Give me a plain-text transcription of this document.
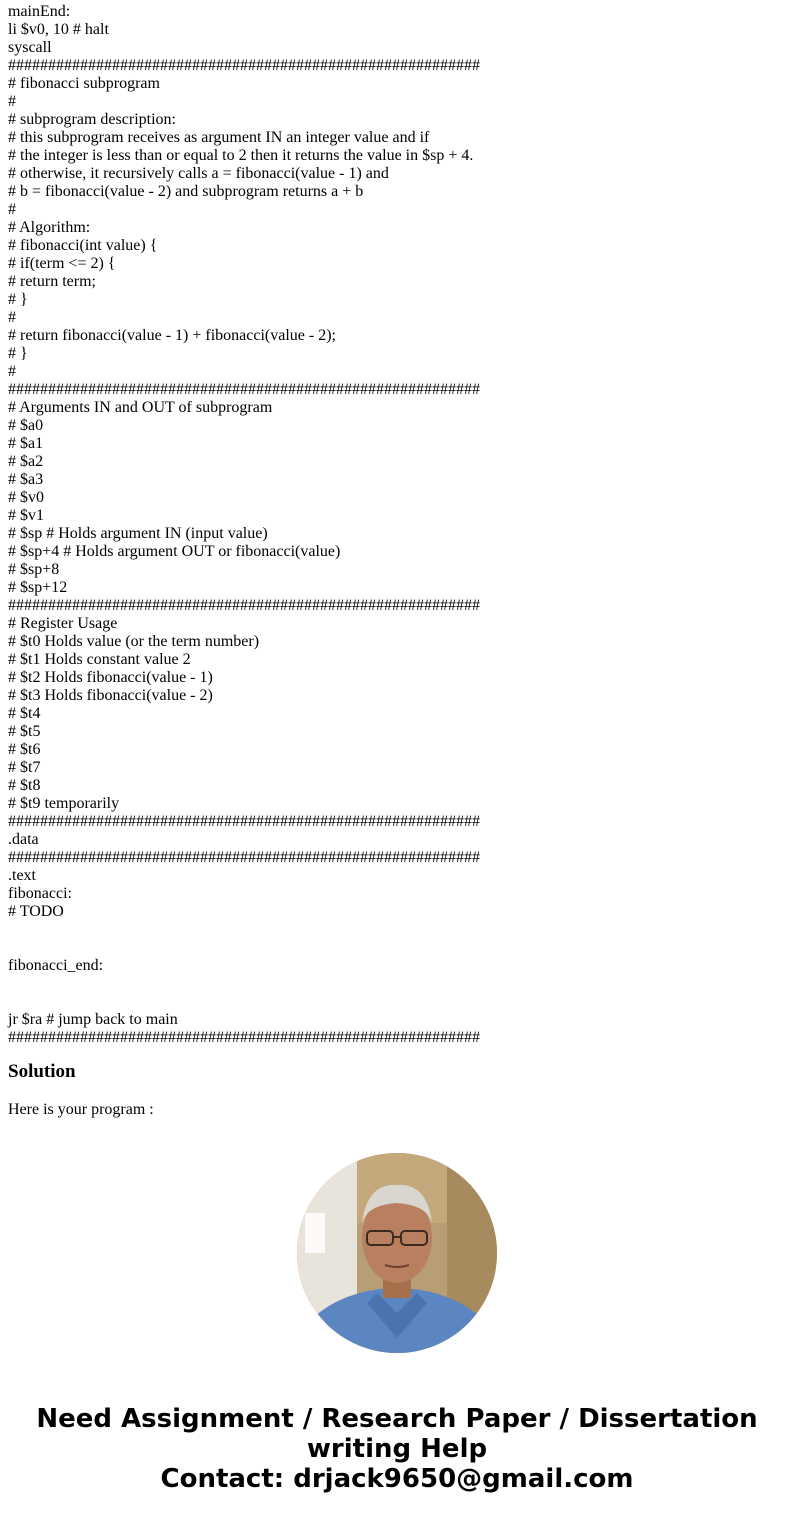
mainEnd:
li $v0, 10 # halt
syscall
###########################################################
# fibonacci subprogram
#
# subprogram description:
# this subprogram receives as argument IN an integer value and if
# the integer is less than or equal to 2 then it returns the value in $sp + 4.
# otherwise, it recursively calls a = fibonacci(value - 1) and
# b = fibonacci(value - 2) and subprogram returns a + b
#
# Algorithm:
# fibonacci(int value) {
# if(term <= 2) {
# return term;
# }
#
# return fibonacci(value - 1) + fibonacci(value - 2);
# }
#
###########################################################
# Arguments IN and OUT of subprogram
# $a0
# $a1
# $a2
# $a3
# $v0
# $v1
# $sp # Holds argument IN (input value)
# $sp+4 # Holds argument OUT or fibonacci(value)
# $sp+8
# $sp+12
###########################################################
# Register Usage
# $t0 Holds value (or the term number)
# $t1 Holds constant value 2
# $t2 Holds fibonacci(value - 1)
# $t3 Holds fibonacci(value - 2)
# $t4
# $t5
# $t6
# $t7
# $t8
# $t9 temporarily
###########################################################
.data
###########################################################
.text
fibonacci:
# TODO
fibonacci_end:
jr $ra # jump back to main
###########################################################
Solution

Here is your program :

Need Assignment / Research Paper / Dissertation
writing Help
Contact: drjack9650@gmail.com
